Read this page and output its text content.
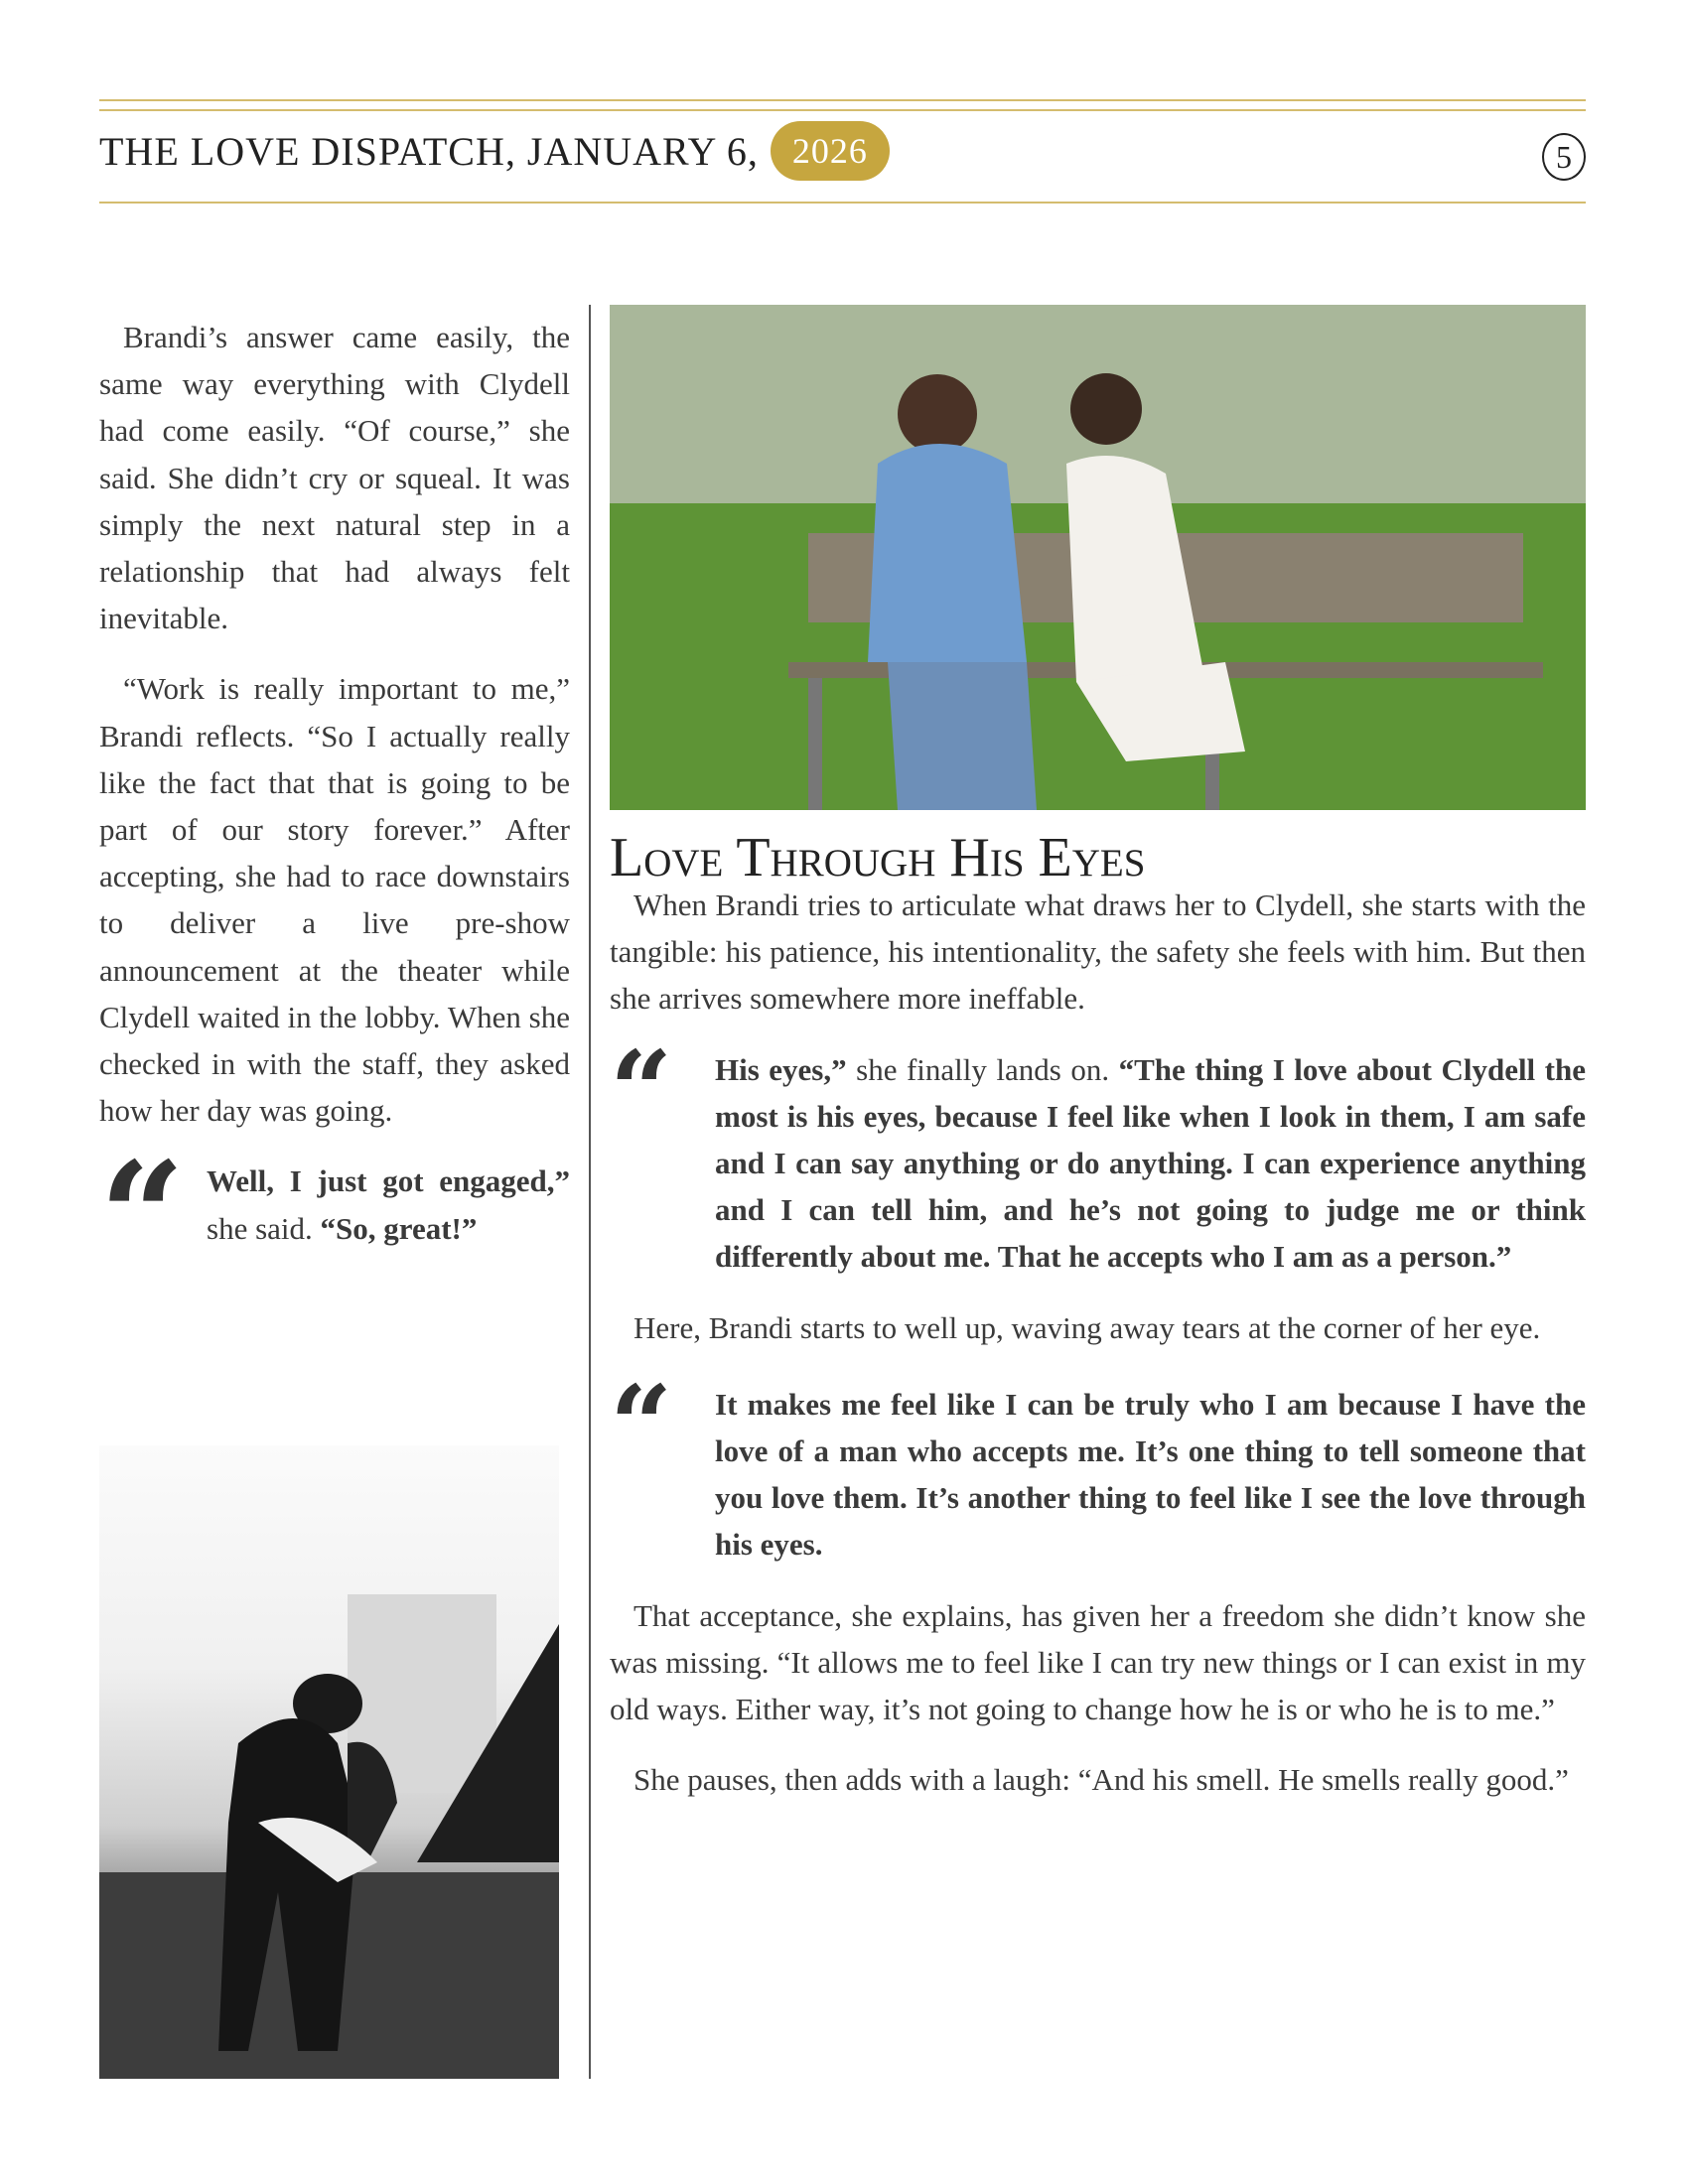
THE LOVE DISPATCH, JANUARY 6, 2026	5

Brandi’s answer came easily, the same way everything with Clydell had come easily. “Of course,” she said. She didn’t cry or squeal. It was simply the next natural step in a relationship that had always felt inevitable.

“Work is really important to me,” Brandi reflects. “So I actually really like the fact that that is going to be part of our story forever.” After accepting, she had to race downstairs to deliver a live pre-show announcement at the theater while Clydell waited in the lobby. When she checked in with the staff, they asked how her day was going.

“ Well, I just got engaged,” she said. “So, great!”
Love Through His Eyes

When Brandi tries to articulate what draws her to Clydell, she starts with the tangible: his patience, his intentionality, the safety she feels with him. But then she arrives somewhere more ineffable.

“	His eyes,” she finally lands on. “The thing I love about Clydell the most is his eyes, because I feel like when I look in them, I am safe and I can say anything or do anything. I can experience anything and I can tell him, and he’s not going to judge me or think differently about me. That he accepts who I am as a person.”

Here, Brandi starts to well up, waving away tears at the corner of her eye.

“	It makes me feel like I can be truly who I am because I have the love of a man who accepts me. It’s one thing to tell someone that you love them. It’s another thing to feel like I see the love through his eyes.

That acceptance, she explains, has given her a freedom she didn’t know she was missing. “It allows me to feel like I can try new things or I can exist in my old ways. Either way, it’s not going to change how he is or who he is to me.”

She pauses, then adds with a laugh: “And his smell. He smells really good.”
